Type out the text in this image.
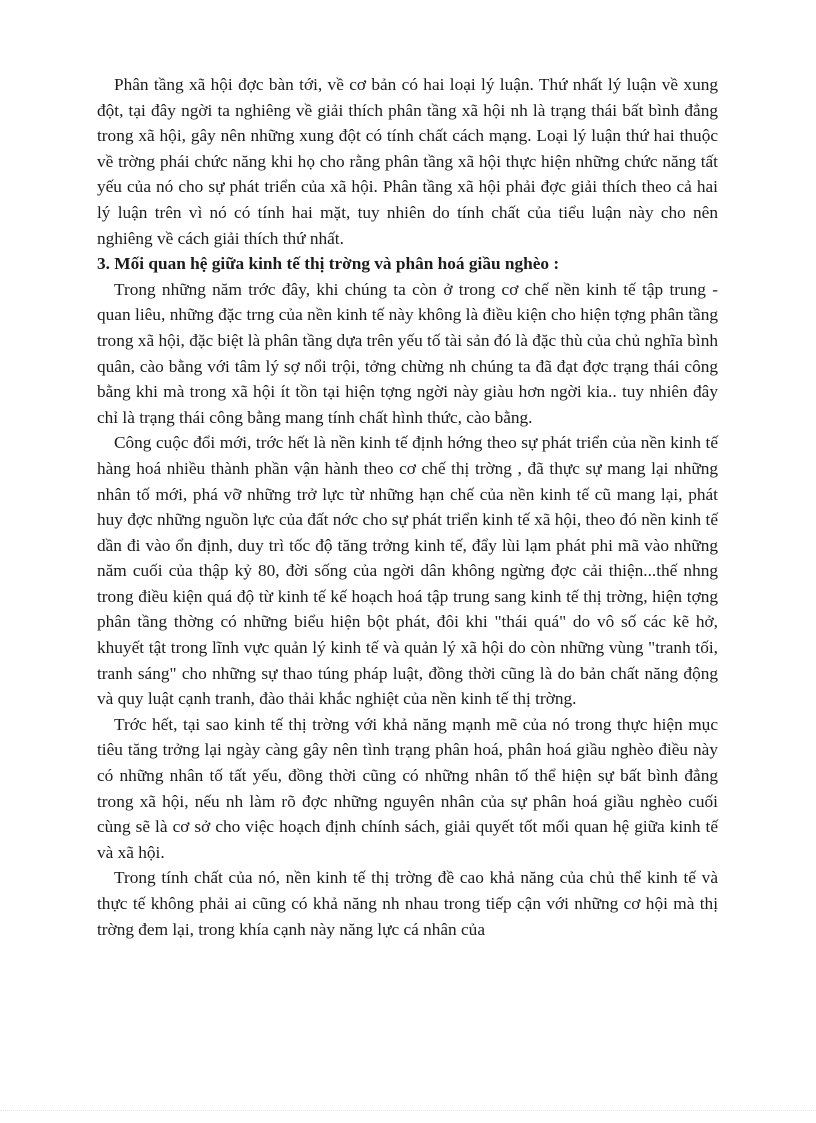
Phân tầng xã hội đợc bàn tới, về cơ bản có hai loại lý luận. Thứ nhất lý luận về xung đột, tại đây ngời ta nghiêng về giải thích phân tầng xã hội nh là trạng thái bất bình đẳng trong xã hội, gây nên những xung đột có tính chất cách mạng. Loại lý luận thứ hai thuộc về trờng phái chức năng khi họ cho rằng phân tầng xã hội thực hiện những chức năng tất yếu của nó cho sự phát triển của xã hội. Phân tầng xã hội phải đợc giải thích theo cả hai lý luận trên vì nó có tính hai mặt, tuy nhiên do tính chất của tiểu luận này cho nên nghiêng về cách giải thích thứ nhất.

3. Mối quan hệ giữa kinh tế thị trờng và phân hoá giầu nghèo :

Trong những năm trớc đây, khi chúng ta còn ở trong cơ chế nền kinh tế tập trung - quan liêu, những đặc trng của nền kinh tế này không là điều kiện cho hiện tợng phân tầng trong xã hội, đặc biệt là phân tầng dựa trên yếu tố tài sản đó là đặc thù của chủ nghĩa bình quân, cào bằng với tâm lý sợ nổi trội, tởng chừng nh chúng ta đã đạt đợc trạng thái công bằng khi mà trong xã hội ít tồn tại hiện tợng ngời này giàu hơn ngời kia.. tuy nhiên đây chỉ là trạng thái công bằng mang tính chất hình thức, cào bằng.

Công cuộc đổi mới, trớc hết là nền kinh tế định hớng theo sự phát triển của nền kinh tế hàng hoá nhiều thành phần vận hành theo cơ chế thị trờng , đã thực sự mang lại những nhân tố mới, phá vỡ những trở lực từ những hạn chế của nền kinh tế cũ mang lại, phát huy đợc những nguồn lực của đất nớc cho sự phát triển kinh tế xã hội, theo đó nền kinh tế dần đi vào ổn định, duy trì tốc độ tăng trởng kinh tế, đẩy lùi lạm phát phi mã vào những năm cuối của thập kỷ 80, đời sống của ngời dân không ngừng đợc cải thiện...thế nhng trong điều kiện quá độ từ kinh tế kế hoạch hoá tập trung sang kinh tế thị trờng, hiện tợng phân tầng thờng có những biểu hiện bột phát, đôi khi "thái quá" do vô số các kẽ hở, khuyết tật trong lĩnh vực quản lý kinh tế và quản lý xã hội do còn những vùng "tranh tối, tranh sáng" cho những sự thao túng pháp luật, đồng thời cũng là do bản chất năng động và quy luật cạnh tranh, đào thải khắc nghiệt của nền kinh tế thị trờng.

Trớc hết, tại sao kinh tế thị trờng với khả năng mạnh mẽ của nó trong thực hiện mục tiêu tăng trởng lại ngày càng gây nên tình trạng phân hoá, phân hoá giầu nghèo điều này có những nhân tố tất yếu, đồng thời cũng có những nhân tố thể hiện sự bất bình đẳng trong xã hội, nếu nh làm rõ đợc những nguyên nhân của sự phân hoá giầu nghèo cuối cùng sẽ là cơ sở cho việc hoạch định chính sách, giải quyết tốt mối quan hệ giữa kinh tế và xã hội.

Trong tính chất của nó, nền kinh tế thị trờng đề cao khả năng của chủ thể kinh tế và thực tế không phải ai cũng có khả năng nh nhau trong tiếp cận với những cơ hội mà thị trờng đem lại, trong khía cạnh này năng lực cá nhân của
